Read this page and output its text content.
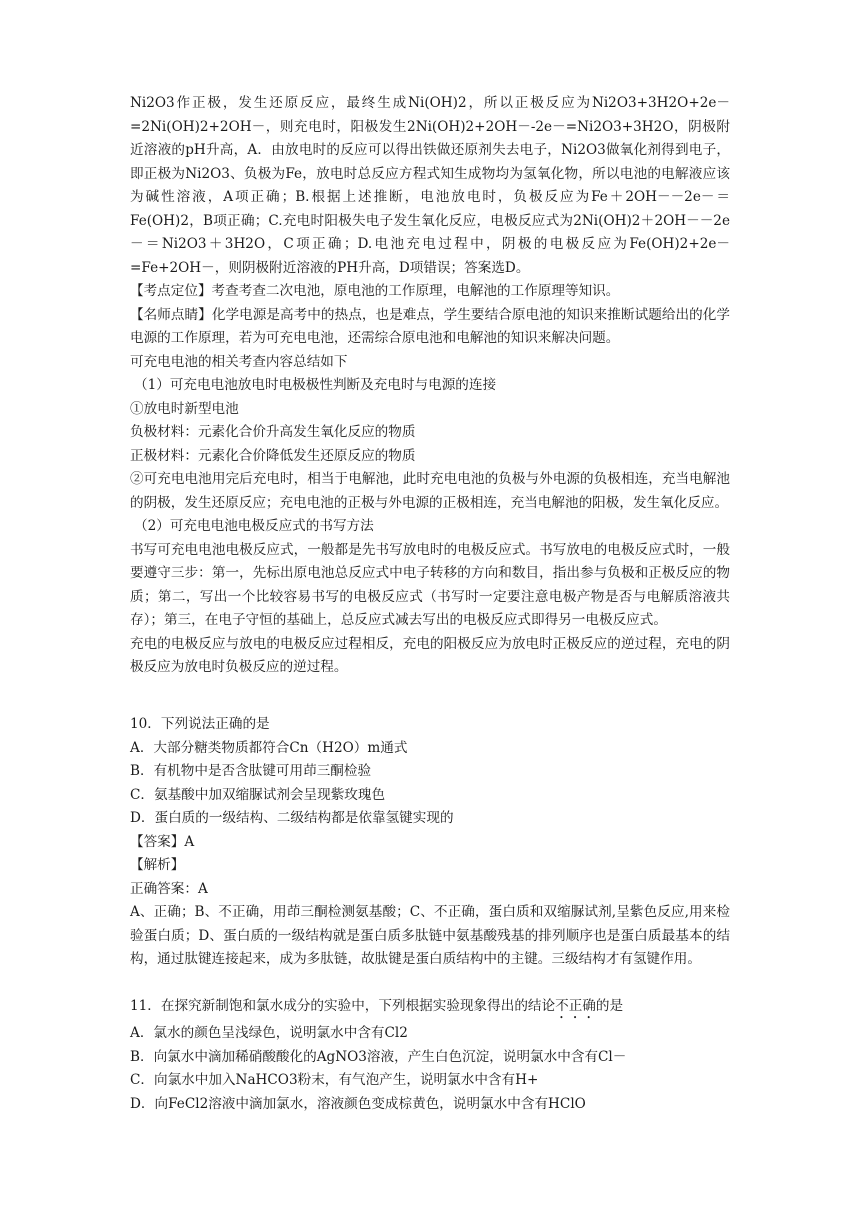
Ni2O3作正极，发生还原反应，最终生成Ni(OH)2，所以正极反应为Ni2O3+3H2O+2e－=2Ni(OH)2+2OH－，则充电时，阳极发生2Ni(OH)2+2OH－-2e－=Ni2O3+3H2O，阴极附近溶液的pH升高，A．由放电时的反应可以得出铁做还原剂失去电子，Ni2O3做氧化剂得到电子，即正极为Ni2O3、负极为Fe，放电时总反应方程式知生成物均为氢氧化物，所以电池的电解液应该为碱性溶液，A项正确；B.根据上述推断，电池放电时，负极反应为Fe＋2OH－－2e－＝Fe(OH)2，B项正确；C.充电时阳极失电子发生氧化反应，电极反应式为2Ni(OH)2＋2OH－－2e－＝Ni2O3＋3H2O，C项正确；D.电池充电过程中，阴极的电极反应为Fe(OH)2+2e－=Fe+2OH－，则阴极附近溶液的PH升高，D项错误；答案选D。

【考点定位】考查考查二次电池，原电池的工作原理，电解池的工作原理等知识。

【名师点睛】化学电源是高考中的热点，也是难点，学生要结合原电池的知识来推断试题给出的化学电源的工作原理，若为可充电电池，还需综合原电池和电解池的知识来解决问题。

可充电电池的相关考查内容总结如下

（1）可充电电池放电时电极极性判断及充电时与电源的连接

①放电时新型电池

负极材料：元素化合价升高发生氧化反应的物质

正极材料：元素化合价降低发生还原反应的物质

②可充电电池用完后充电时，相当于电解池，此时充电电池的负极与外电源的负极相连，充当电解池的阴极，发生还原反应；充电电池的正极与外电源的正极相连，充当电解池的阳极，发生氧化反应。

（2）可充电电池电极反应式的书写方法

书写可充电电池电极反应式，一般都是先书写放电时的电极反应式。书写放电的电极反应式时，一般要遵守三步：第一，先标出原电池总反应式中电子转移的方向和数目，指出参与负极和正极反应的物质；第二，写出一个比较容易书写的电极反应式（书写时一定要注意电极产物是否与电解质溶液共存）；第三，在电子守恒的基础上，总反应式减去写出的电极反应式即得另一电极反应式。

充电的电极反应与放电的电极反应过程相反，充电的阳极反应为放电时正极反应的逆过程，充电的阴极反应为放电时负极反应的逆过程。

10．下列说法正确的是

A．大部分糖类物质都符合Cn（H2O）m通式

B．有机物中是否含肽键可用茚三酮检验

C．氨基酸中加双缩脲试剂会呈现紫玫瑰色

D．蛋白质的一级结构、二级结构都是依靠氢键实现的

【答案】A

【解析】

正确答案：A

A、正确；B、不正确，用茚三酮检测氨基酸；C、不正确，蛋白质和双缩脲试剂,呈紫色反应,用来检验蛋白质；D、蛋白质的一级结构就是蛋白质多肽链中氨基酸残基的排列顺序也是蛋白质最基本的结构，通过肽键连接起来，成为多肽链，故肽键是蛋白质结构中的主键。三级结构才有氢键作用。

11．在探究新制饱和氯水成分的实验中，下列根据实验现象得出的结论不正确的是

A．氯水的颜色呈浅绿色，说明氯水中含有Cl2

B．向氯水中滴加稀硝酸酸化的AgNO3溶液，产生白色沉淀，说明氯水中含有Cl－

C．向氯水中加入NaHCO3粉末，有气泡产生，说明氯水中含有H+

D．向FeCl2溶液中滴加氯水，溶液颜色变成棕黄色，说明氯水中含有HClO
